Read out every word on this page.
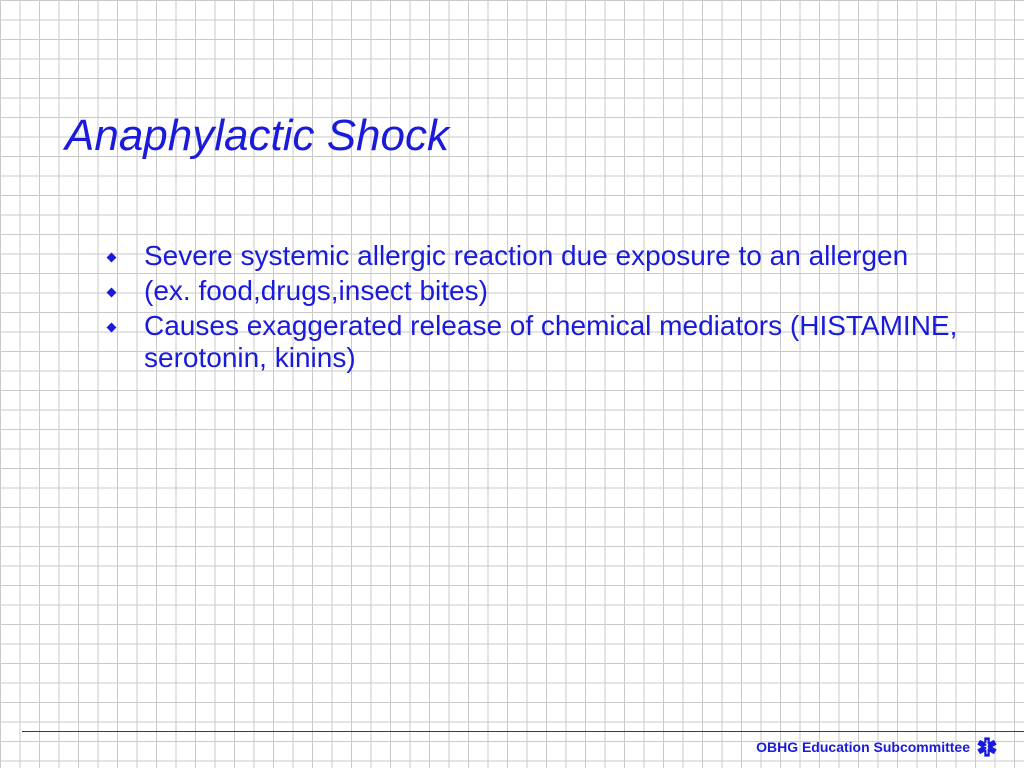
Anaphylactic Shock
Severe systemic allergic reaction due exposure to an allergen
(ex. food,drugs,insect bites)
Causes exaggerated release of chemical mediators (HISTAMINE, serotonin, kinins)
OBHG Education Subcommittee
